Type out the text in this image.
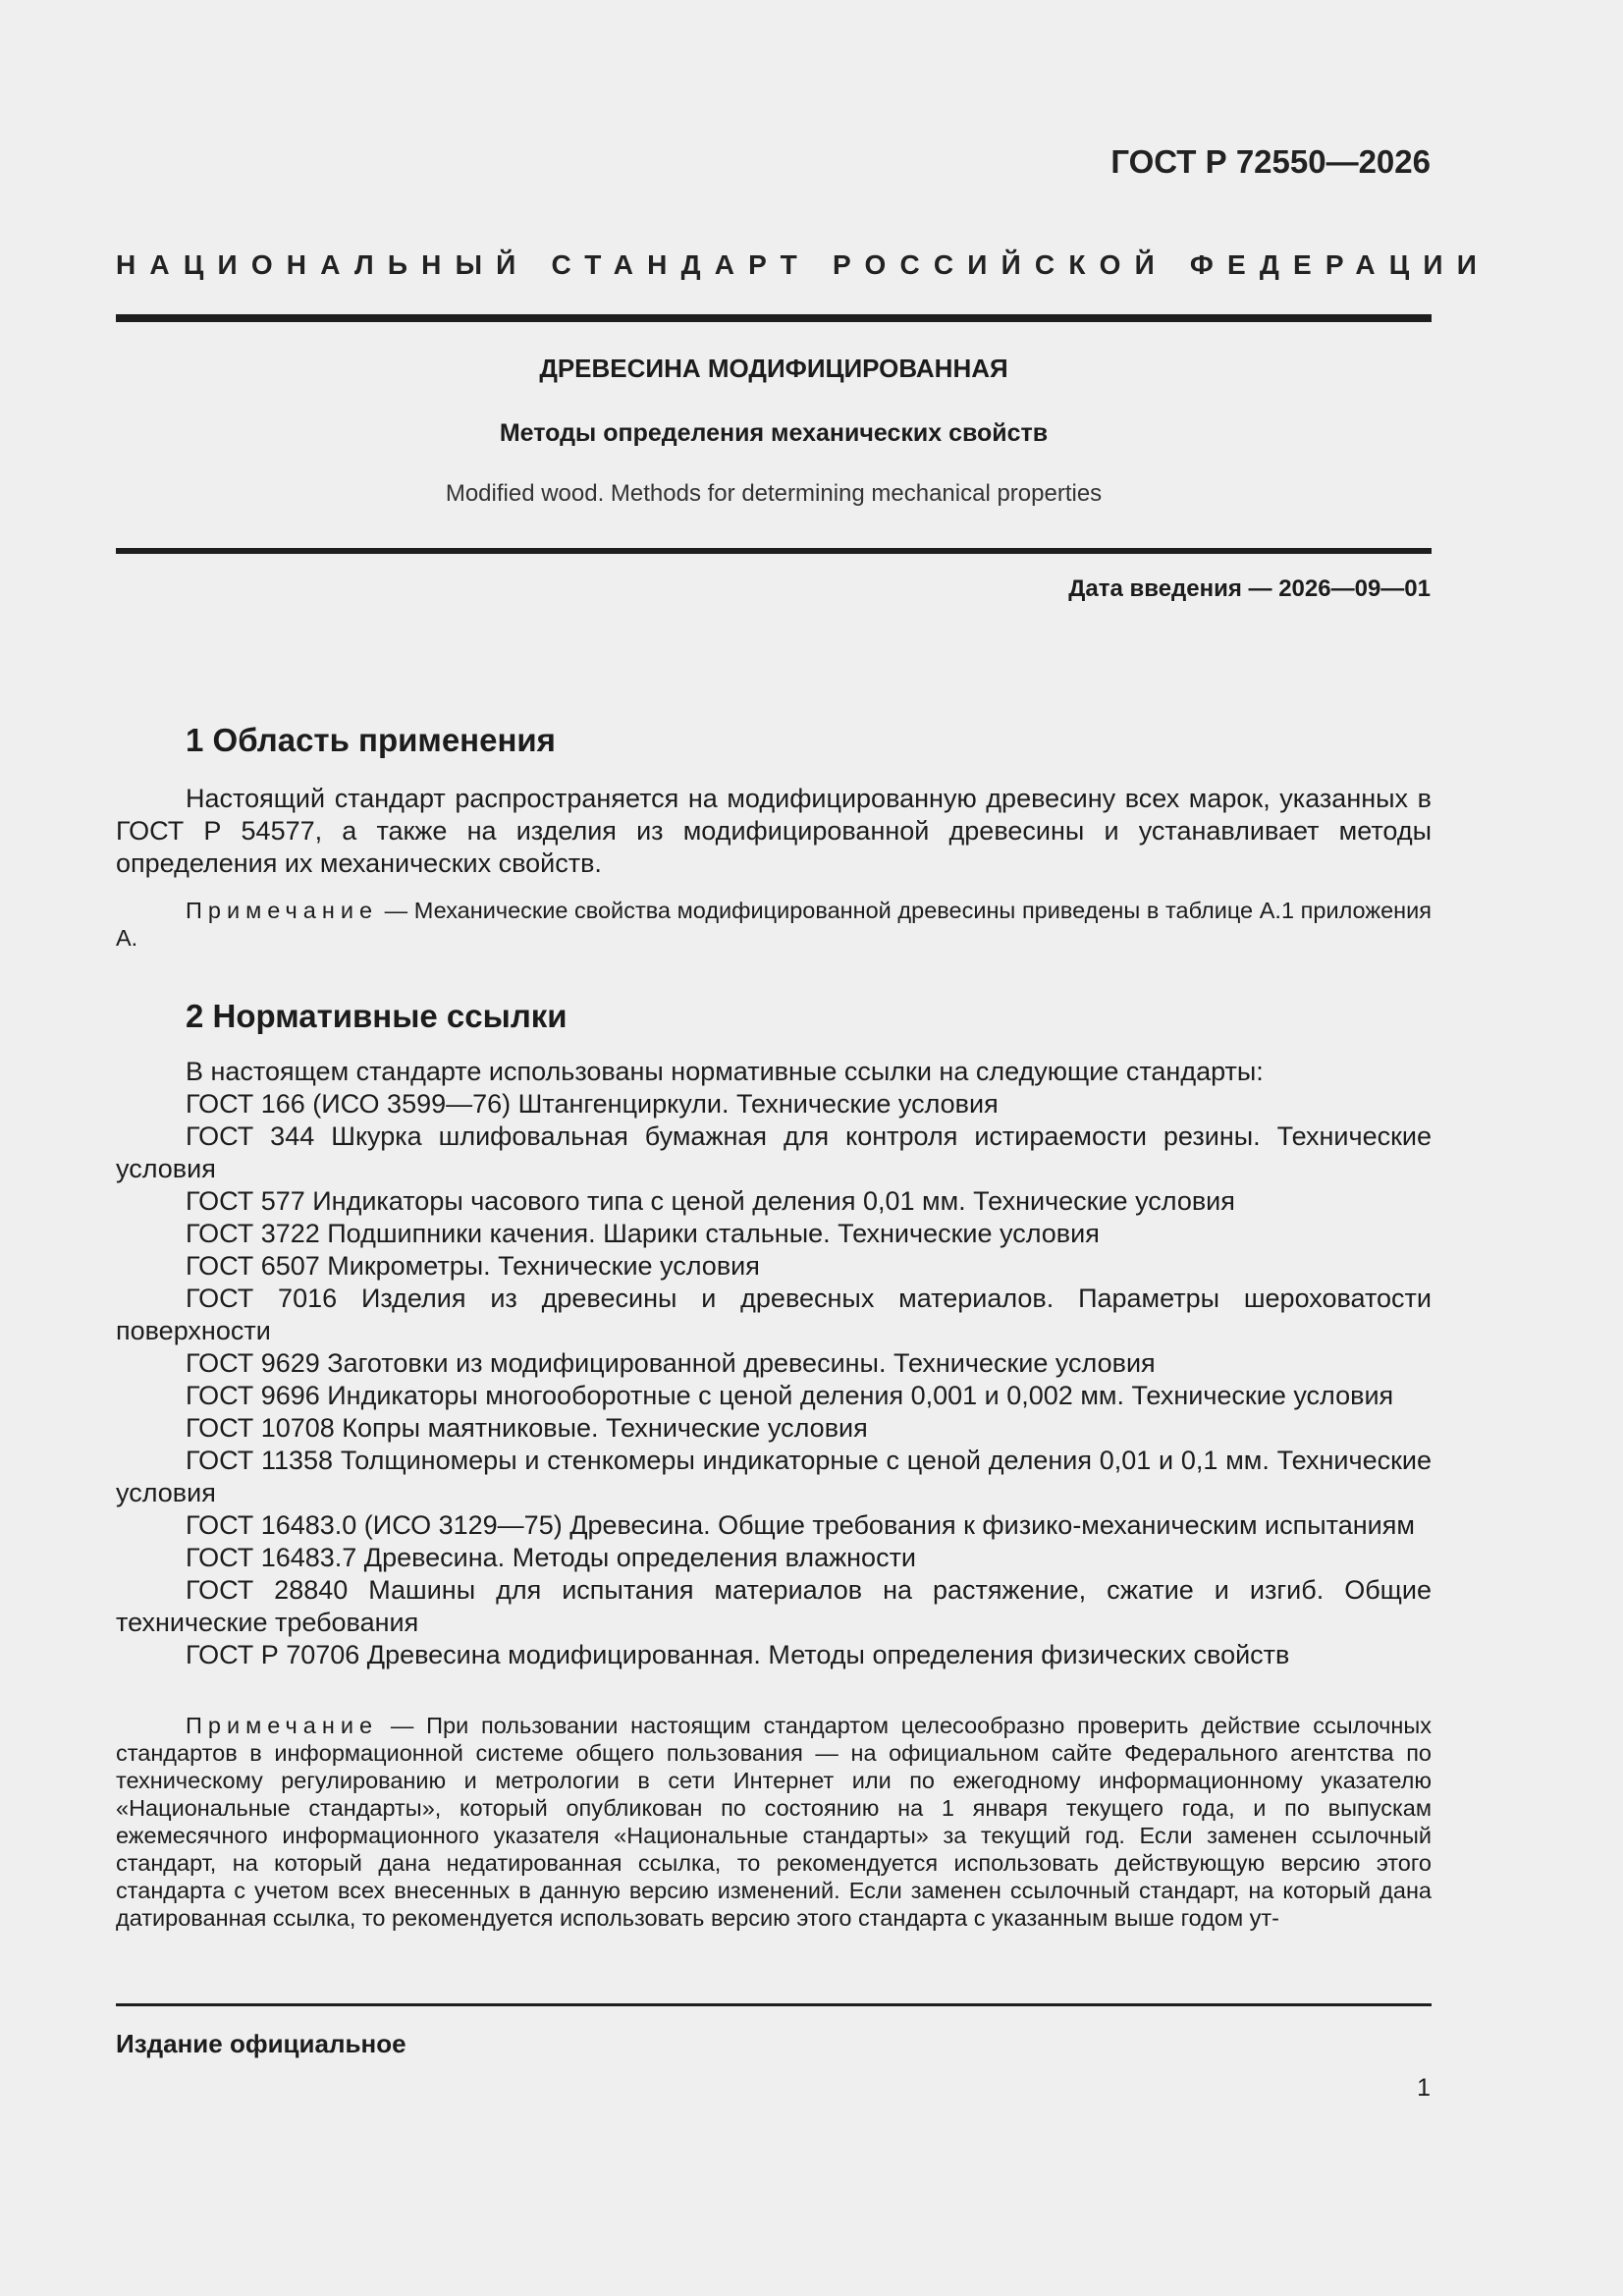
ГОСТ Р 72550—2026
НАЦИОНАЛЬНЫЙ СТАНДАРТ РОССИЙСКОЙ ФЕДЕРАЦИИ
ДРЕВЕСИНА МОДИФИЦИРОВАННАЯ
Методы определения механических свойств
Modified wood. Methods for determining mechanical properties
Дата введения — 2026—09—01
1 Область применения
Настоящий стандарт распространяется на модифицированную древесину всех марок, указанных в ГОСТ Р 54577, а также на изделия из модифицированной древесины и устанавливает методы определения их механических свойств.
Примечание — Механические свойства модифицированной древесины приведены в таблице А.1 приложения А.
2 Нормативные ссылки
В настоящем стандарте использованы нормативные ссылки на следующие стандарты:
ГОСТ 166 (ИСО 3599—76) Штангенциркули. Технические условия
ГОСТ 344 Шкурка шлифовальная бумажная для контроля истираемости резины. Технические условия
ГОСТ 577 Индикаторы часового типа с ценой деления 0,01 мм. Технические условия
ГОСТ 3722 Подшипники качения. Шарики стальные. Технические условия
ГОСТ 6507 Микрометры. Технические условия
ГОСТ 7016 Изделия из древесины и древесных материалов. Параметры шероховатости поверхности
ГОСТ 9629 Заготовки из модифицированной древесины. Технические условия
ГОСТ 9696 Индикаторы многооборотные с ценой деления 0,001 и 0,002 мм. Технические условия
ГОСТ 10708 Копры маятниковые. Технические условия
ГОСТ 11358 Толщиномеры и стенкомеры индикаторные с ценой деления 0,01 и 0,1 мм. Технические условия
ГОСТ 16483.0 (ИСО 3129—75) Древесина. Общие требования к физико-механическим испытаниям
ГОСТ 16483.7 Древесина. Методы определения влажности
ГОСТ 28840 Машины для испытания материалов на растяжение, сжатие и изгиб. Общие технические требования
ГОСТ Р 70706 Древесина модифицированная. Методы определения физических свойств
Примечание — При пользовании настоящим стандартом целесообразно проверить действие ссылочных стандартов в информационной системе общего пользования — на официальном сайте Федерального агентства по техническому регулированию и метрологии в сети Интернет или по ежегодному информационному указателю «Национальные стандарты», который опубликован по состоянию на 1 января текущего года, и по выпускам ежемесячного информационного указателя «Национальные стандарты» за текущий год. Если заменен ссылочный стандарт, на который дана недатированная ссылка, то рекомендуется использовать действующую версию этого стандарта с учетом всех внесенных в данную версию изменений. Если заменен ссылочный стандарт, на который дана датированная ссылка, то рекомендуется использовать версию этого стандарта с указанным выше годом ут-
Издание официальное
1
